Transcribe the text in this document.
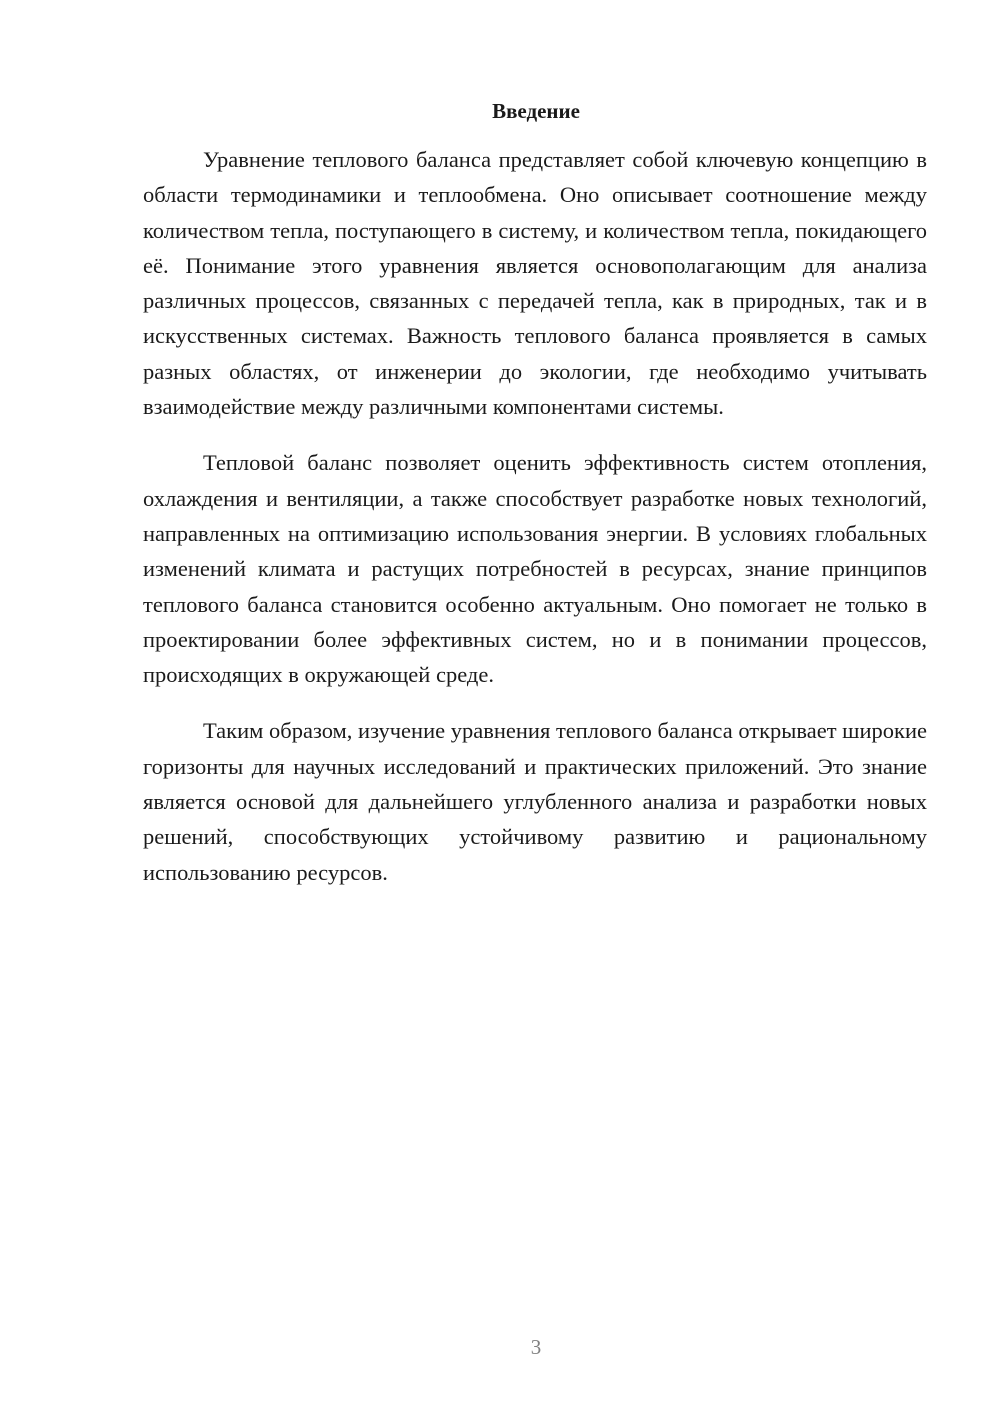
Введение

Уравнение теплового баланса представляет собой ключевую концепцию в области термодинамики и теплообмена. Оно описывает соотношение между количеством тепла, поступающего в систему, и количеством тепла, покидающего её. Понимание этого уравнения является основополагающим для анализа различных процессов, связанных с передачей тепла, как в природных, так и в искусственных системах. Важность теплового баланса проявляется в самых разных областях, от инженерии до экологии, где необходимо учитывать взаимодействие между различными компонентами системы.

Тепловой баланс позволяет оценить эффективность систем отопления, охлаждения и вентиляции, а также способствует разработке новых технологий, направленных на оптимизацию использования энергии. В условиях глобальных изменений климата и растущих потребностей в ресурсах, знание принципов теплового баланса становится особенно актуальным. Оно помогает не только в проектировании более эффективных систем, но и в понимании процессов, происходящих в окружающей среде.

Таким образом, изучение уравнения теплового баланса открывает широкие горизонты для научных исследований и практических приложений. Это знание является основой для дальнейшего углубленного анализа и разработки новых решений, способствующих устойчивому развитию и рациональному использованию ресурсов.

3
